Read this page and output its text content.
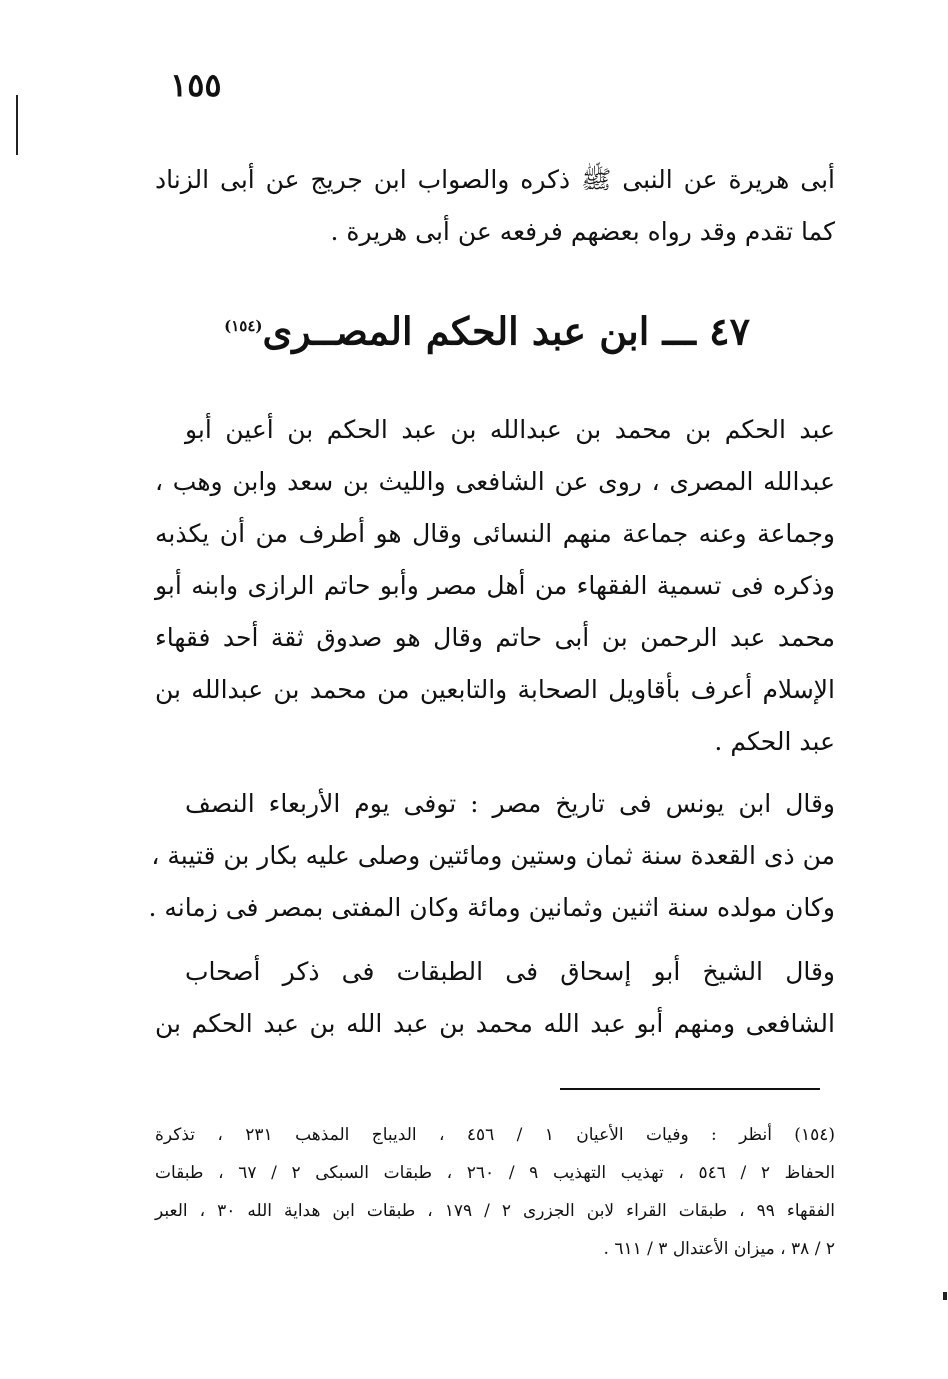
١٥٥
أبى هريرة عن النبى ﷺ ذكره والصواب ابن جريج عن أبى الزناد
كما تقدم وقد رواه بعضهم فرفعه عن أبى هريرة .
٤٧ ـــ ابن عبد الحكم المصــرى$^{(١٥٤)}$
عبد الحكم بن محمد بن عبدالله بن عبد الحكم بن أعين أبو
عبدالله المصرى ، روى عن الشافعى والليث بن سعد وابن وهب ،
وجماعة وعنه جماعة منهم النسائى وقال هو أطرف من أن يكذبه
وذكره فى تسمية الفقهاء من أهل مصر وأبو حاتم الرازى وابنه أبو
محمد عبد الرحمن بن أبى حاتم وقال هو صدوق ثقة أحد فقهاء
الإسلام أعرف بأقاويل الصحابة والتابعين من محمد بن عبدالله بن
عبد الحكم .
وقال ابن يونس فى تاريخ مصر : توفى يوم الأربعاء النصف
من ذى القعدة سنة ثمان وستين ومائتين وصلى عليه بكار بن قتيبة ،
وكان مولده سنة اثنين وثمانين ومائة وكان المفتى بمصر فى زمانه .
وقال الشيخ أبو إسحاق فى الطبقات فى ذكر أصحاب
الشافعى ومنهم أبو عبد الله محمد بن عبد الله بن عبد الحكم بن
(١٥٤) أنظر : وفيات الأعيان ١ / ٤٥٦ ، الديباج المذهب ٢٣١ ، تذكرة
الحفاظ ٢ / ٥٤٦ ، تهذيب التهذيب ٩ / ٢٦٠ ، طبقات السبكى ٢ / ٦٧ ، طبقات
الفقهاء ٩٩ ، طبقات القراء لابن الجزرى ٢ / ١٧٩ ، طبقات ابن هداية الله ٣٠ ، العبر
٢ / ٣٨ ، ميزان الأعتدال ٣ / ٦١١ .
